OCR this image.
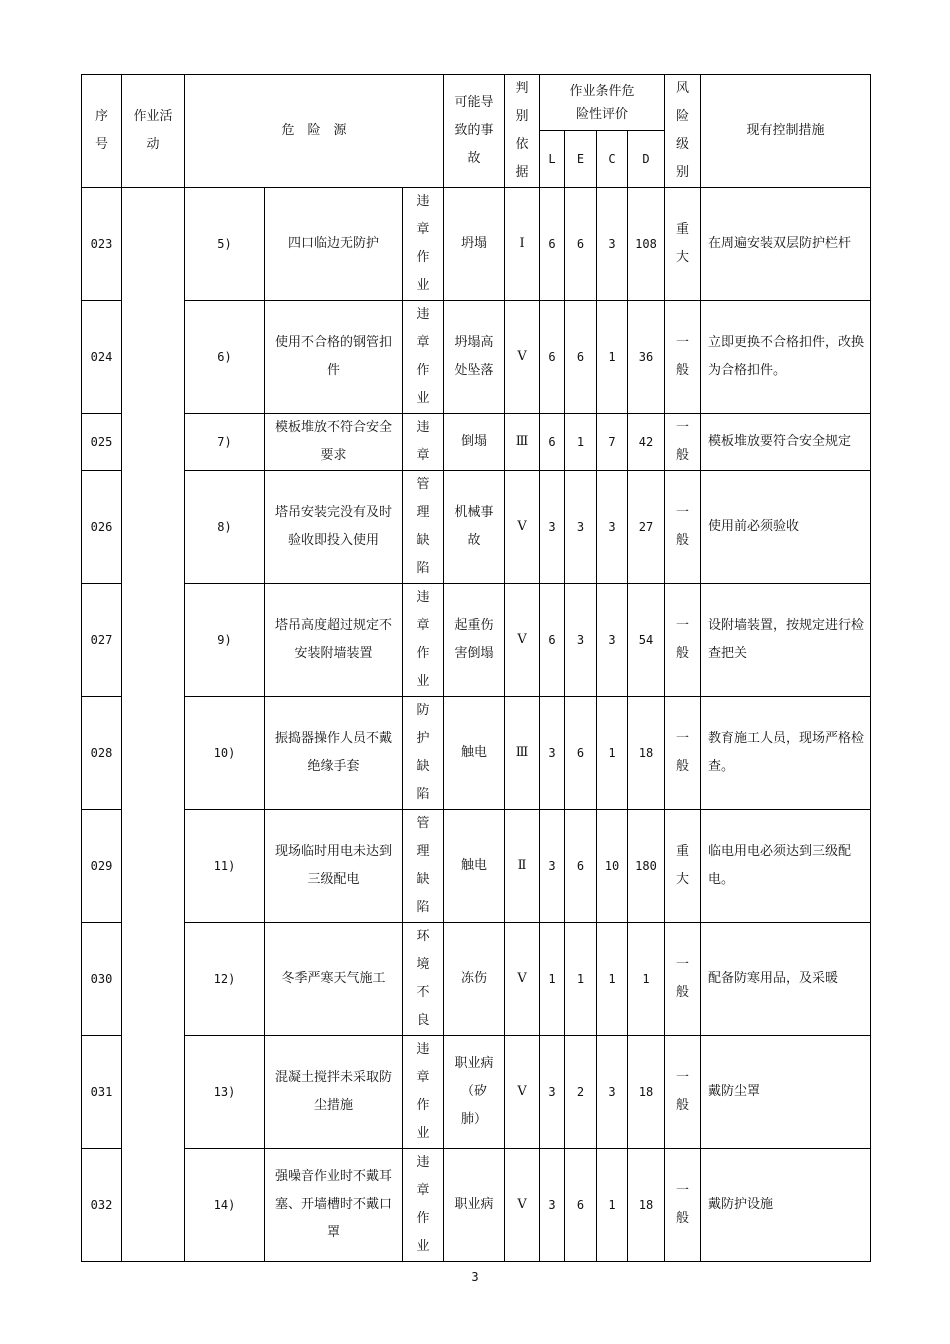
序号	作业活动	危　险　源			可能导致的事故	判别依据	作业条件危险性评价				风险级别	现有控制措施
							L	E	C	D		
023		5)	四口临边无防护	违章作业	坍塌	Ⅰ	6	6	3	108	重大	在周遍安装双层防护栏杆
024		6)	使用不合格的钢管扣件	违章作业	坍塌高处坠落	Ⅴ	6	6	1	36	一般	立即更换不合格扣件，改换为合格扣件。
025		7)	模板堆放不符合安全要求	违章	倒塌	Ⅲ	6	1	7	42	一般	模板堆放要符合安全规定
026		8)	塔吊安装完没有及时验收即投入使用	管理缺陷	机械事故	Ⅴ	3	3	3	27	一般	使用前必须验收
027		9)	塔吊高度超过规定不安装附墙装置	违章作业	起重伤害倒塌	Ⅴ	6	3	3	54	一般	设附墙装置，按规定进行检查把关
028		10)	振捣器操作人员不戴绝缘手套	防护缺陷	触电	Ⅲ	3	6	1	18	一般	教育施工人员，现场严格检查。
029		11)	现场临时用电未达到三级配电	管理缺陷	触电	Ⅱ	3	6	10	180	重大	临电用电必须达到三级配电。
030		12)	冬季严寒天气施工	环境不良	冻伤	Ⅴ	1	1	1	1	一般	配备防寒用品，及采暖
031		13)	混凝土搅拌未采取防尘措施	违章作业	职业病（矽肺）	Ⅴ	3	2	3	18	一般	戴防尘罩
032		14)	强噪音作业时不戴耳塞、开墙槽时不戴口罩	违章作业	职业病	Ⅴ	3	6	1	18	一般	戴防护设施
3
